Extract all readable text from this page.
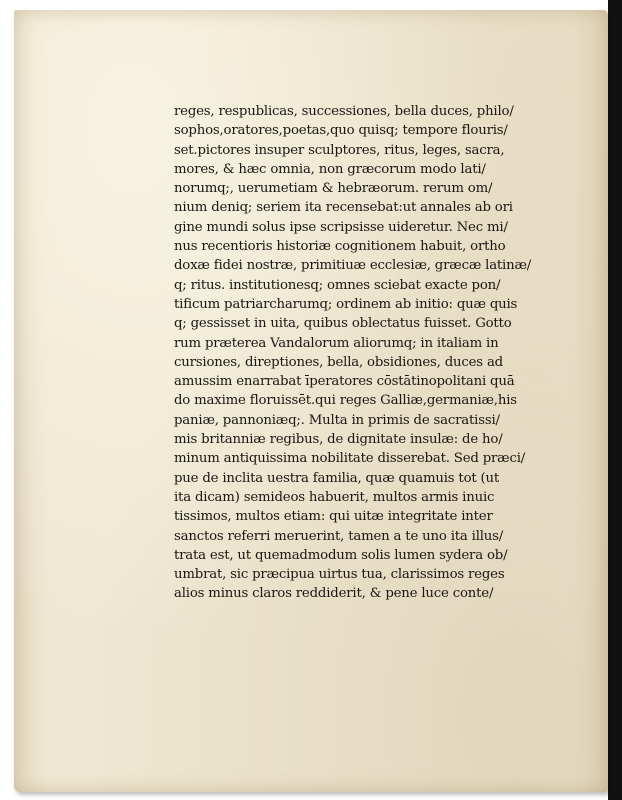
reges, respublicas, successiones, bella duces, philo/
sophos,oratores,poetas,quo quisq; tempore flouris/
set.pictores insuper sculptores, ritus, leges, sacra,
mores, & hæc omnia, non græcorum modo lati/
norumq;, uerumetiam & hebræorum. rerum om/
nium deniq; seriem ita recensebat:ut annales ab ori
gine mundi solus ipse scripsisse uideretur. Nec mi/
nus recentioris historiæ cognitionem habuit, ortho
doxæ fidei nostræ, primitiuæ ecclesiæ, græcæ latinæ/
q; ritus. institutionesq; omnes sciebat exacte pon/
tificum patriarcharumq; ordinem ab initio: quæ quis
q; gessisset in uita, quibus oblectatus fuisset. Gotto
rum præterea Vandalorum aliorumq; in italiam in
cursiones, direptiones, bella, obsidiones, duces ad
amussim enarrabat īperatores cōstātinopolitani quā
do maxime floruissēt.qui reges Galliæ,germaniæ,his
paniæ, pannoniæq;. Multa in primis de sacratissi/
mis britanniæ regibus, de dignitate insulæ: de ho/
minum antiquissima nobilitate disserebat. Sed præci/
pue de inclita uestra familia, quæ quamuis tot (ut
ita dicam) semideos habuerit, multos armis inuic
tissimos, multos etiam: qui uitæ integritate inter
sanctos referri meruerint, tamen a te uno ita illus/
trata est, ut quemadmodum solis lumen sydera ob/
umbrat, sic præcipua uirtus tua, clarissimos reges
alios minus claros reddiderit, & pene luce conte/
